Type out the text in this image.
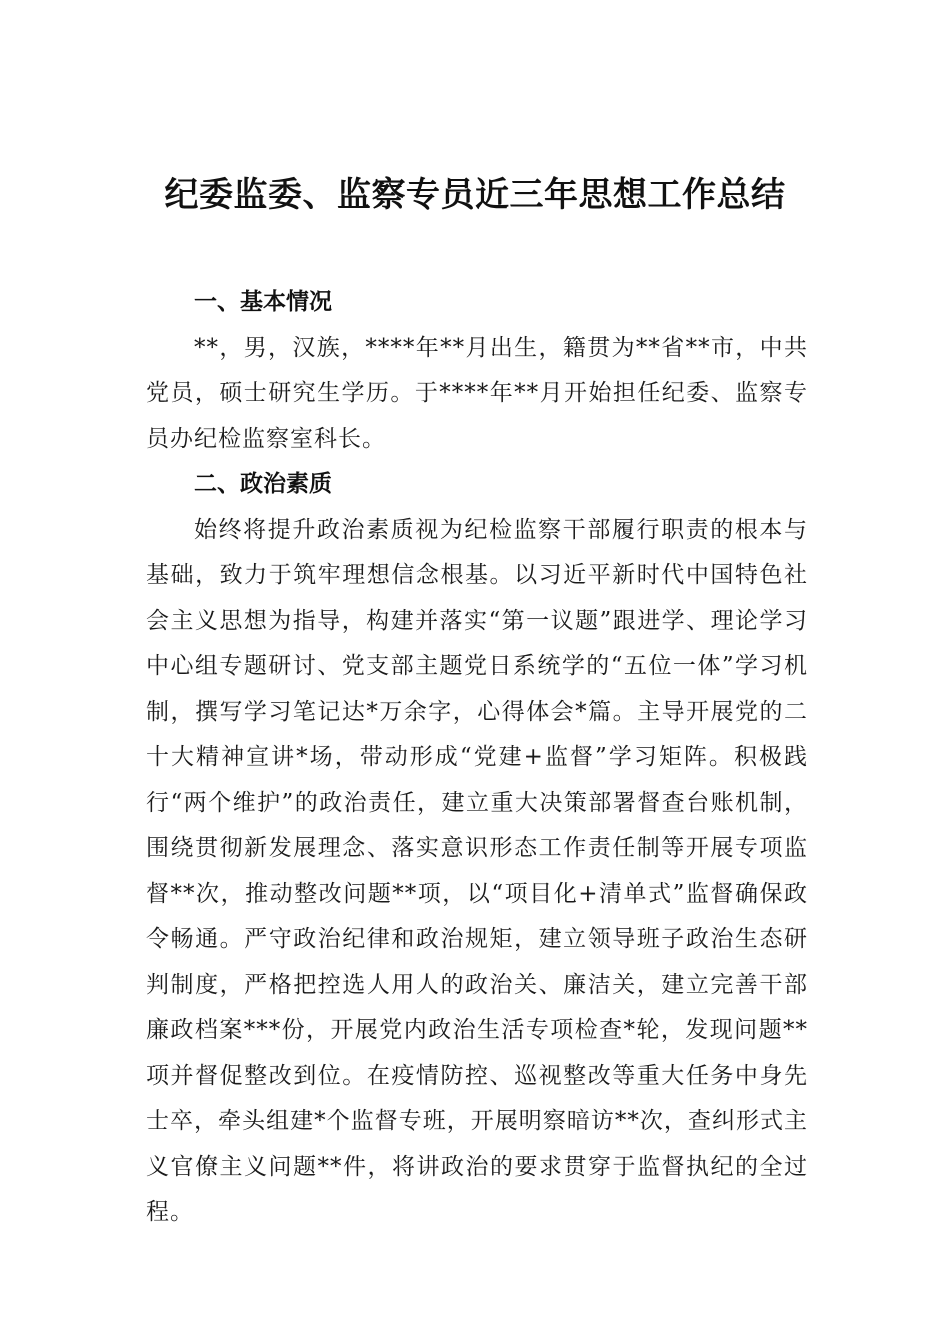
纪委监委、监察专员近三年思想工作总结
一、基本情况

**，男，汉族，****年**月出生，籍贯为**省**市，中共党员，硕士研究生学历。于****年**月开始担任纪委、监察专员办纪检监察室科长。

二、政治素质

始终将提升政治素质视为纪检监察干部履行职责的根本与基础，致力于筑牢理想信念根基。以习近平新时代中国特色社会主义思想为指导，构建并落实“第一议题”跟进学、理论学习中心组专题研讨、党支部主题党日系统学的“五位一体”学习机制，撰写学习笔记达*万余字，心得体会*篇。主导开展党的二十大精神宣讲*场，带动形成“党建+监督”学习矩阵。积极践行“两个维护”的政治责任，建立重大决策部署督查台账机制，围绕贯彻新发展理念、落实意识形态工作责任制等开展专项监督**次，推动整改问题**项，以“项目化+清单式”监督确保政令畅通。严守政治纪律和政治规矩，建立领导班子政治生态研判制度，严格把控选人用人的政治关、廉洁关，建立完善干部廉政档案***份，开展党内政治生活专项检查*轮，发现问题**项并督促整改到位。在疫情防控、巡视整改等重大任务中身先士卒，牵头组建*个监督专班，开展明察暗访**次，查纠形式主义官僚主义问题**件，将讲政治的要求贯穿于监督执纪的全过程。
